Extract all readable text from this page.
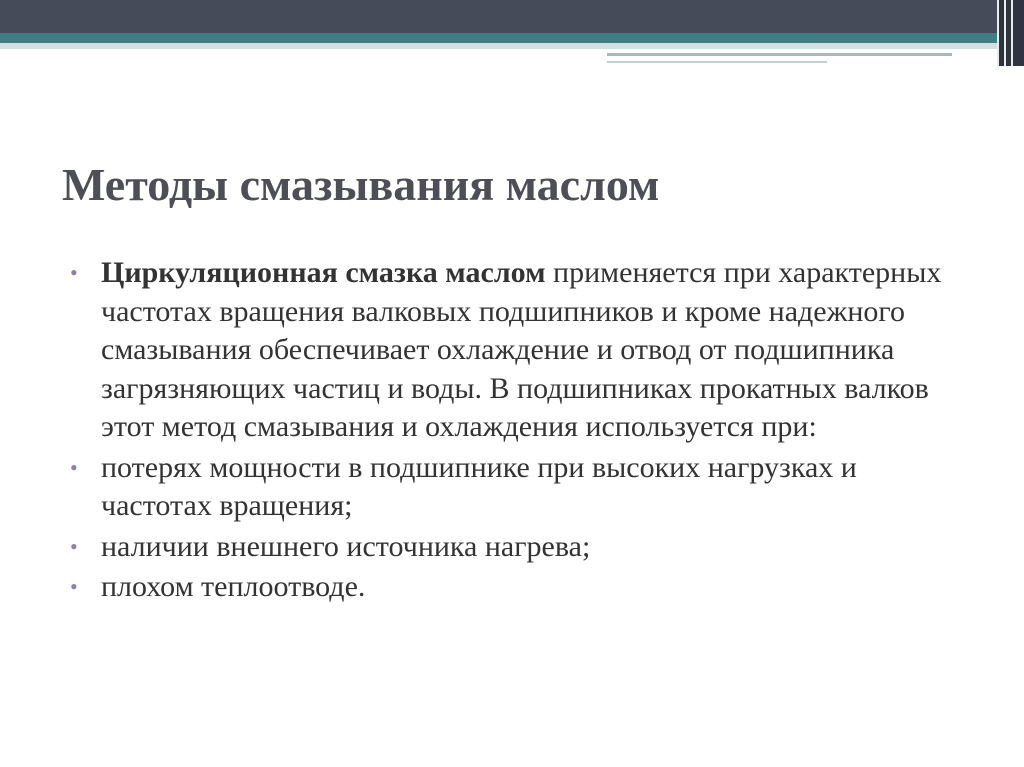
Методы смазывания маслом
• Циркуляционная смазка маслом применяется при характерных частотах вращения валковых подшипников и кроме надежного смазывания обеспечивает охлаждение и отвод от подшипника загрязняющих частиц и воды. В подшипниках прокатных валков этот метод смазывания и охлаждения используется при:
• потерях мощности в подшипнике при высоких нагрузках и частотах вращения;
• наличии внешнего источника нагрева;
• плохом теплоотводе.
